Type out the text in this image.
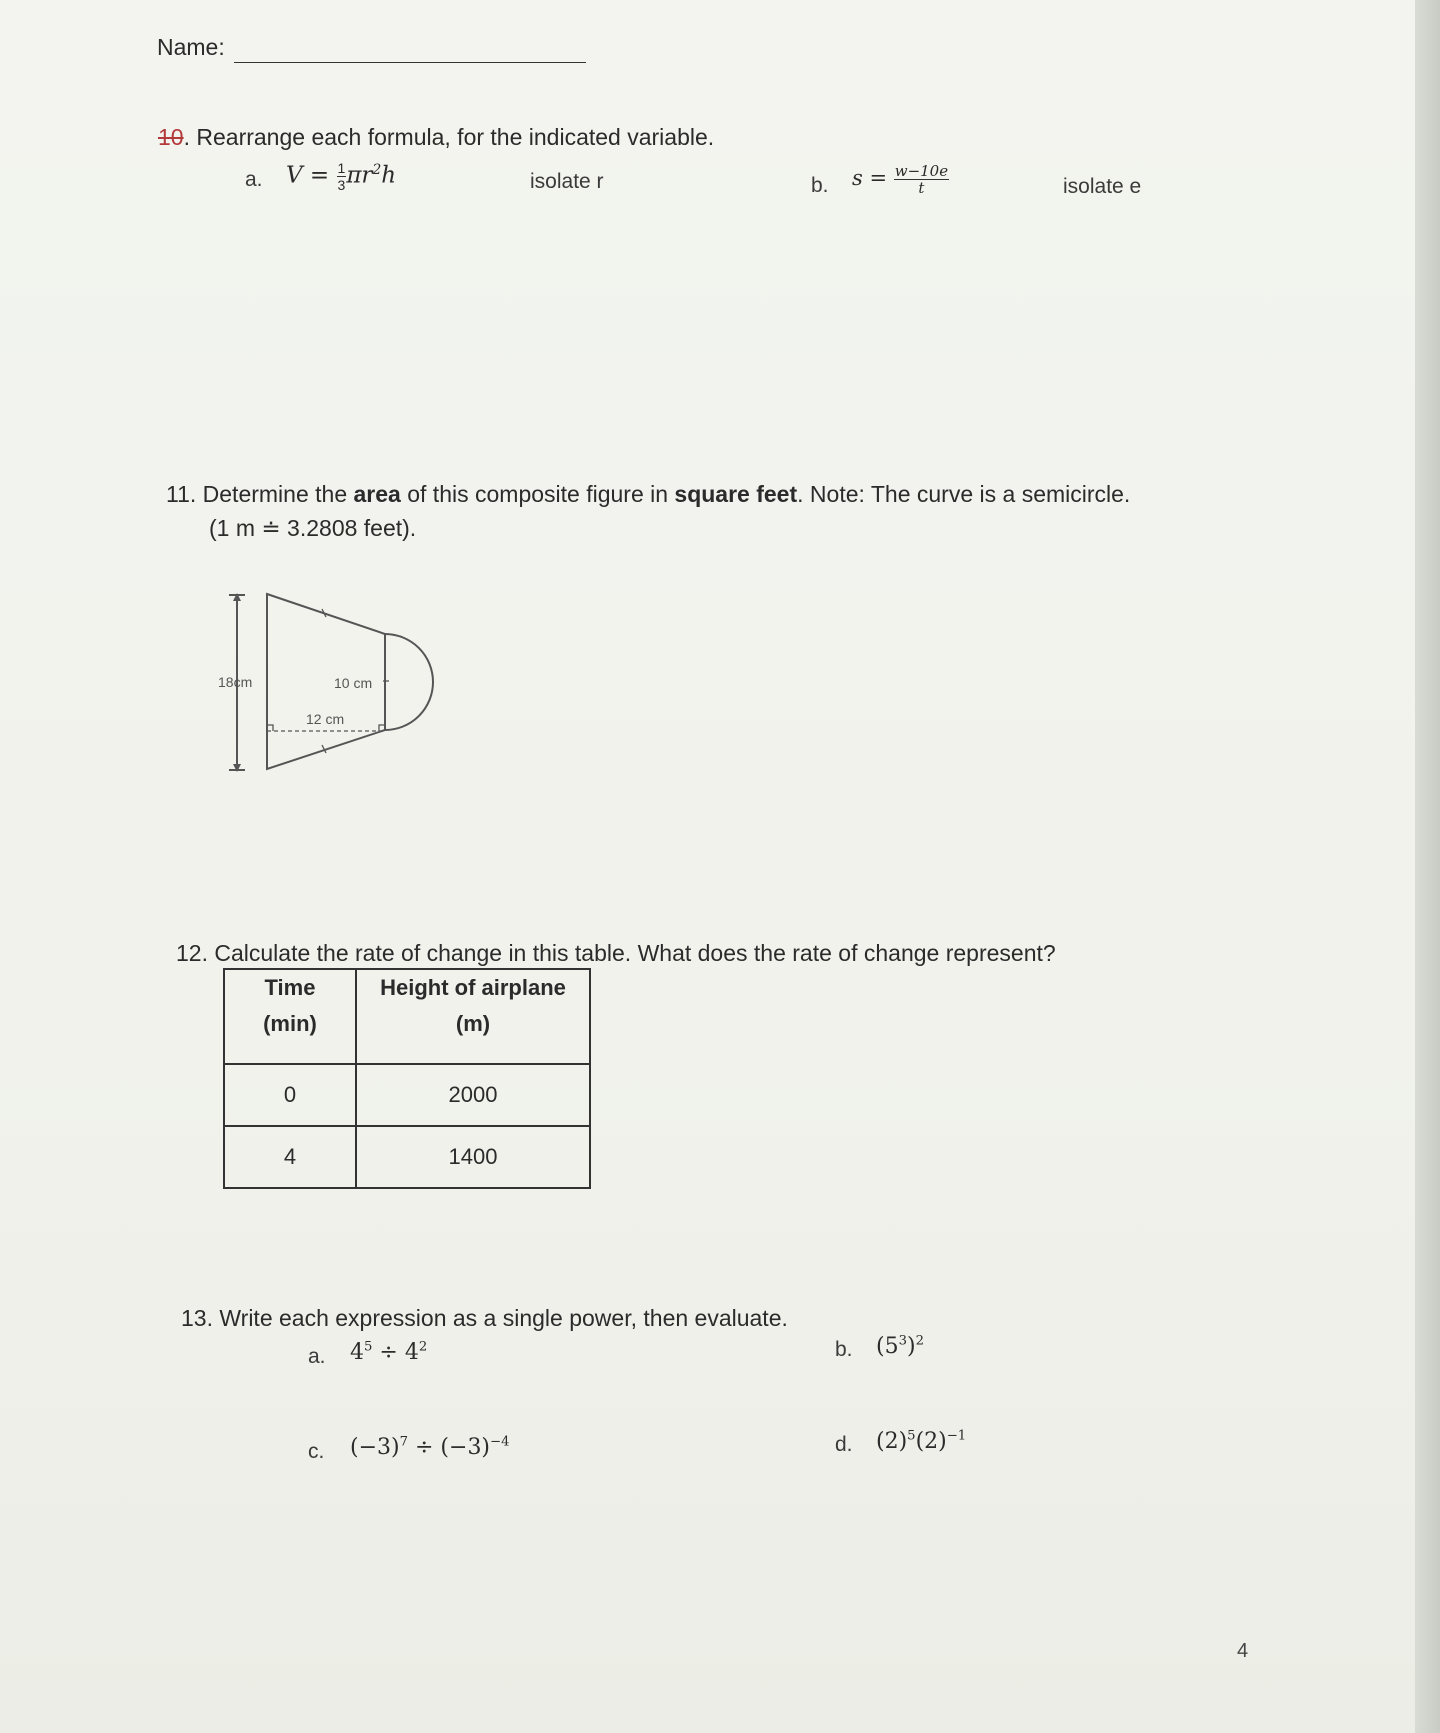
Name:
10. Rearrange each formula, for the indicated variable.
a. $V = \frac{1}{3} \pi r^2h$	isolate r	b. $s = \frac{w-10e}{t}$	isolate e
11. Determine the area of this composite figure in square feet. Note: The curve is a semicircle.
(1 m ≐ 3.2808 feet).
18cm	10 cm
12 cm
12. Calculate the rate of change in this table. What does the rate of change represent?
Time
(min)	Height of airplane
(m)
0	2000
4	1400
13. Write each expression as a single power, then evaluate.
a. $4^5 \div 4^2$	b. $(5^3)^2$
c. $(-3)^7 \div (-3)^{-4}$	d. $(2)^5(2)^{-1}$
4
